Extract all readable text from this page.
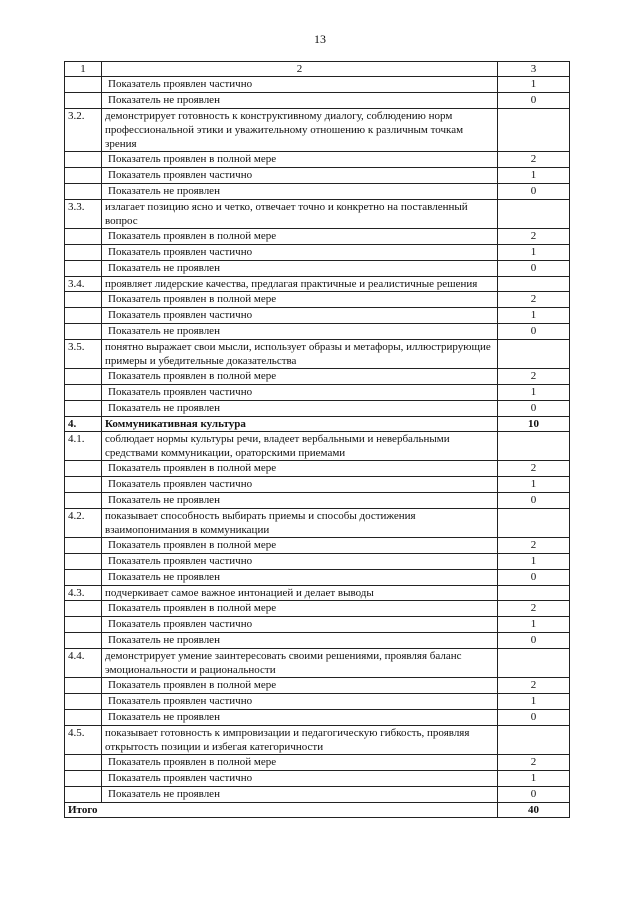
13
1	2	3
	Показатель проявлен частично	1
	Показатель не проявлен	0
3.2.	демонстрирует готовность к конструктивному диалогу, соблюдению норм профессиональной этики и уважительному отношению к различным точкам зрения	
	Показатель проявлен в полной мере	2
	Показатель проявлен частично	1
	Показатель не проявлен	0
3.3.	излагает позицию ясно и четко, отвечает точно и конкретно на поставленный вопрос	
	Показатель проявлен в полной мере	2
	Показатель проявлен частично	1
	Показатель не проявлен	0
3.4.	проявляет лидерские качества, предлагая практичные и реалистичные решения	
	Показатель проявлен в полной мере	2
	Показатель проявлен частично	1
	Показатель не проявлен	0
3.5.	понятно выражает свои мысли, использует образы и метафоры, иллюстрирующие примеры и убедительные доказательства	
	Показатель проявлен в полной мере	2
	Показатель проявлен частично	1
	Показатель не проявлен	0
4.	Коммуникативная культура	10
4.1.	соблюдает нормы культуры речи, владеет вербальными и невербальными средствами коммуникации, ораторскими приемами	
	Показатель проявлен в полной мере	2
	Показатель проявлен частично	1
	Показатель не проявлен	0
4.2.	показывает способность выбирать приемы и способы достижения взаимопонимания в коммуникации	
	Показатель проявлен в полной мере	2
	Показатель проявлен частично	1
	Показатель не проявлен	0
4.3.	подчеркивает самое важное интонацией и делает выводы	
	Показатель проявлен в полной мере	2
	Показатель проявлен частично	1
	Показатель не проявлен	0
4.4.	демонстрирует умение заинтересовать своими решениями, проявляя баланс эмоциональности и рациональности	
	Показатель проявлен в полной мере	2
	Показатель проявлен частично	1
	Показатель не проявлен	0
4.5.	показывает готовность к импровизации и педагогическую гибкость, проявляя открытость позиции и избегая категоричности	
	Показатель проявлен в полной мере	2
	Показатель проявлен частично	1
	Показатель не проявлен	0
Итого		40
